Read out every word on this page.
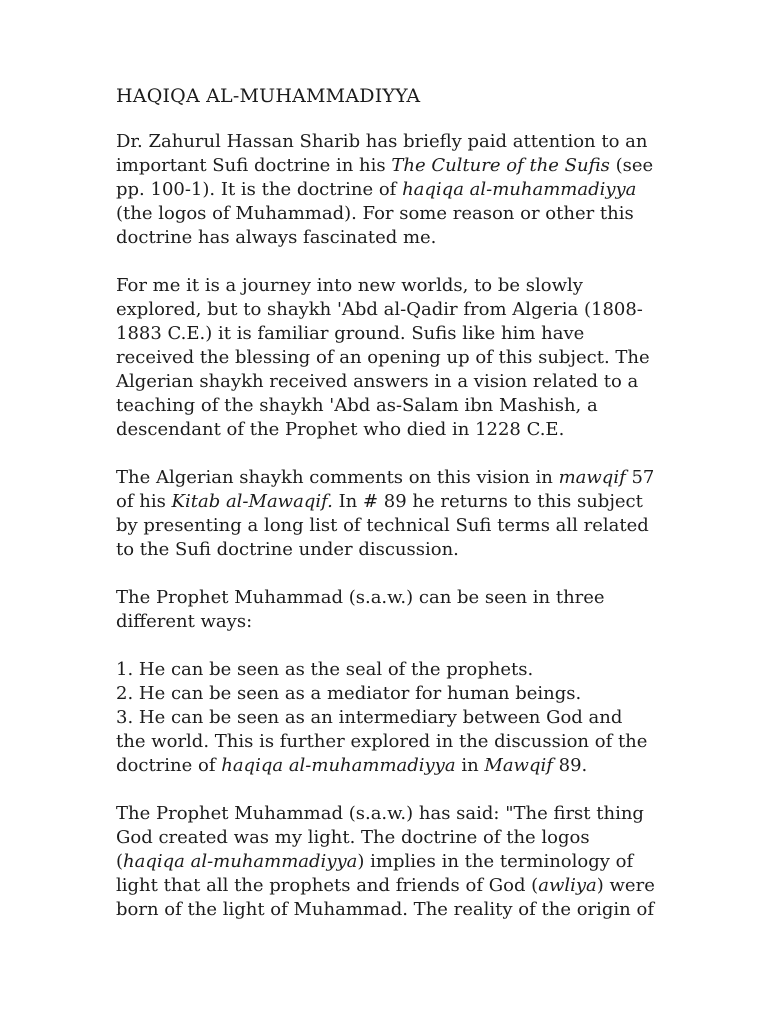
HAQIQA AL-MUHAMMADIYYA

Dr. Zahurul Hassan Sharib has briefly paid attention to an important Sufi doctrine in his The Culture of the Sufis (see pp. 100-1). It is the doctrine of haqiqa al-muhammadiyya (the logos of Muhammad). For some reason or other this doctrine has always fascinated me.

For me it is a journey into new worlds, to be slowly explored, but to shaykh 'Abd al-Qadir from Algeria (1808-1883 C.E.) it is familiar ground. Sufis like him have received the blessing of an opening up of this subject. The Algerian shaykh received answers in a vision related to a teaching of the shaykh 'Abd as-Salam ibn Mashish, a descendant of the Prophet who died in 1228 C.E.

The Algerian shaykh comments on this vision in mawqif 57 of his Kitab al-Mawaqif. In # 89 he returns to this subject by presenting a long list of technical Sufi terms all related to the Sufi doctrine under discussion.

The Prophet Muhammad (s.a.w.) can be seen in three different ways:

1. He can be seen as the seal of the prophets.
2. He can be seen as a mediator for human beings.
3. He can be seen as an intermediary between God and the world. This is further explored in the discussion of the doctrine of haqiqa al-muhammadiyya in Mawqif 89.

The Prophet Muhammad (s.a.w.) has said: "The first thing God created was my light. The doctrine of the logos (haqiqa al-muhammadiyya) implies in the terminology of light that all the prophets and friends of God (awliya) were born of the light of Muhammad. The reality of the origin of
